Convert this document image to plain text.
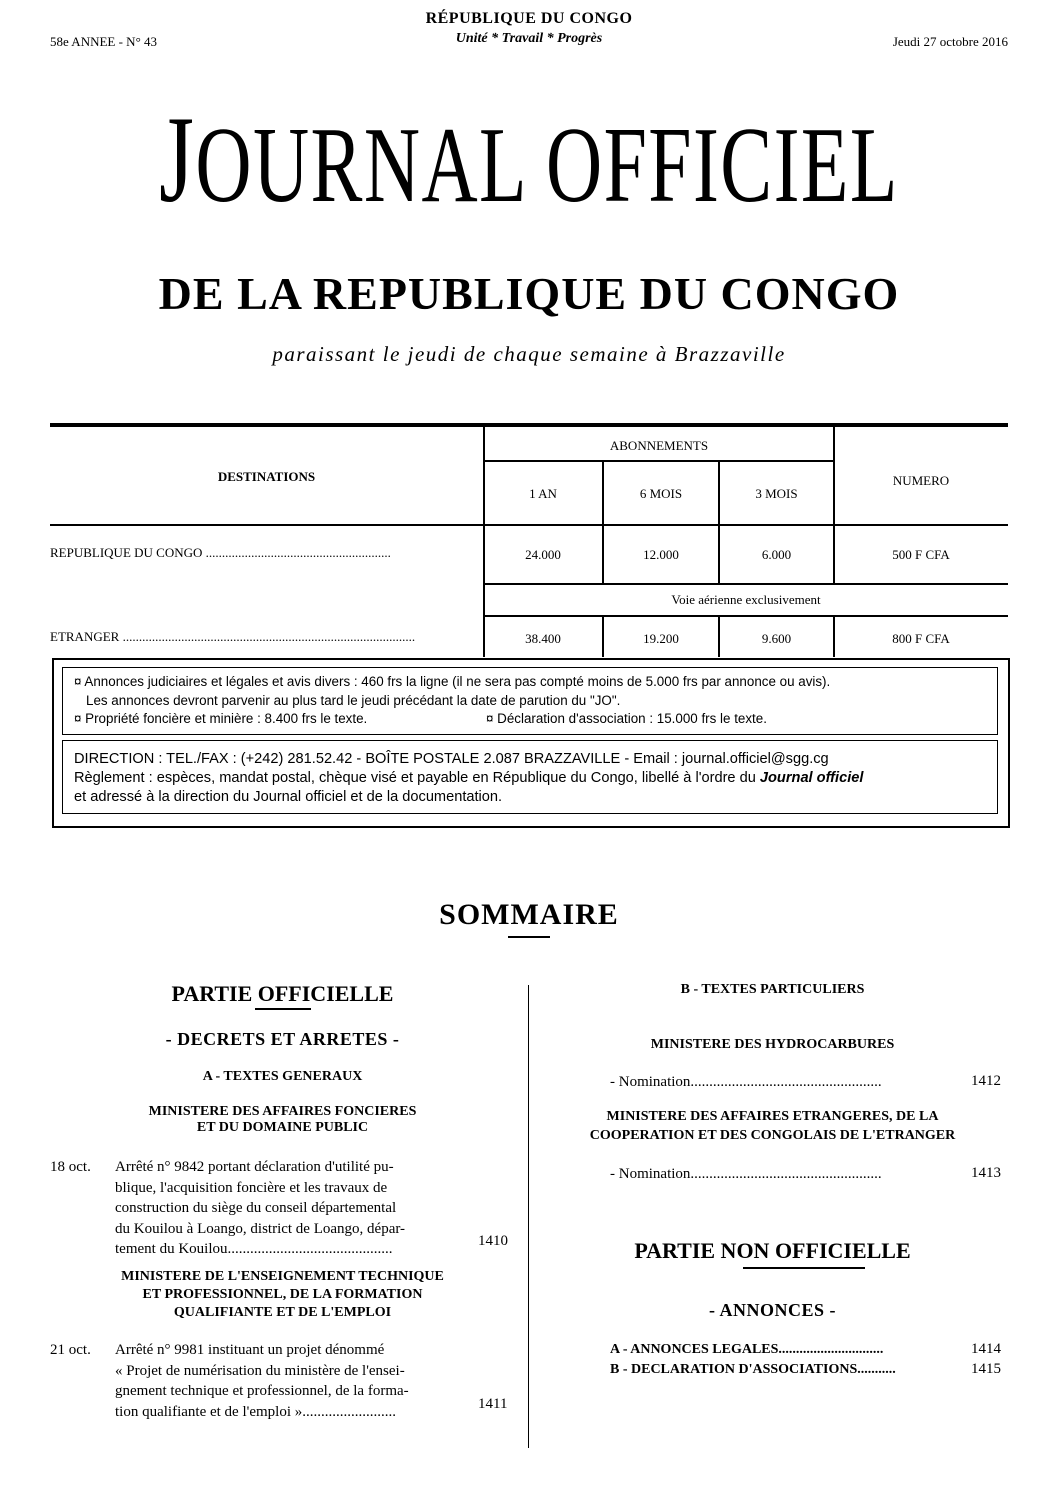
58e ANNEE - N° 43
RÉPUBLIQUE DU CONGO
Unité * Travail * Progrès	Jeudi 27 octobre 2016
JOURNAL OFFICIEL
DE LA REPUBLIQUE DU CONGO
paraissant le jeudi de chaque semaine à Brazzaville
DESTINATIONS
ABONNEMENTS
NUMERO
1 AN	6 MOIS	3 MOIS
REPUBLIQUE DU CONGO .........................................................	24.000	12.000	6.000	500 F CFA
Voie aérienne exclusivement
ETRANGER ..........................................................................................	38.400	19.200	9.600	800 F CFA
¤ Annonces judiciaires et légales et avis divers : 460 frs la ligne (il ne sera pas compté moins de 5.000 frs par annonce ou avis).
Les annonces devront parvenir au plus tard le jeudi précédant la date de parution du "JO".
¤ Propriété foncière et minière : 8.400 frs le texte.	¤ Déclaration d'association : 15.000 frs le texte.
DIRECTION : TEL./FAX : (+242) 281.52.42 - BOÎTE POSTALE 2.087 BRAZZAVILLE - Email : journal.officiel@sgg.cg
Règlement : espèces, mandat postal, chèque visé et payable en République du Congo, libellé à l'ordre du Journal officiel
et adressé à la direction du Journal officiel et de la documentation.
SOMMAIRE
PARTIE OFFICIELLE
- DECRETS ET ARRETES -
A - TEXTES GENERAUX
MINISTERE DES AFFAIRES FONCIERES
ET DU DOMAINE PUBLIC
18 oct. Arrêté n° 9842 portant déclaration d'utilité pu-
blique, l'acquisition foncière et les travaux de
construction du siège du conseil départemental
du Kouilou à Loango, district de Loango, dépar-
tement du Kouilou............................................	1410
MINISTERE DE L'ENSEIGNEMENT TECHNIQUE
ET PROFESSIONNEL, DE LA FORMATION
QUALIFIANTE ET DE L'EMPLOI
21 oct. Arrêté n° 9981 instituant un projet dénommé
« Projet de numérisation du ministère de l'ensei-
gnement technique et professionnel, de la forma-
tion qualifiante et de l'emploi ».........................	1411
B - TEXTES PARTICULIERS
MINISTERE DES HYDROCARBURES
- Nomination...................................................	1412
MINISTERE DES AFFAIRES ETRANGERES, DE LA
COOPERATION ET DES CONGOLAIS DE L'ETRANGER
- Nomination...................................................	1413
PARTIE NON OFFICIELLE
- ANNONCES -
A - ANNONCES LEGALES..............................	1414
B - DECLARATION D'ASSOCIATIONS...........	1415
